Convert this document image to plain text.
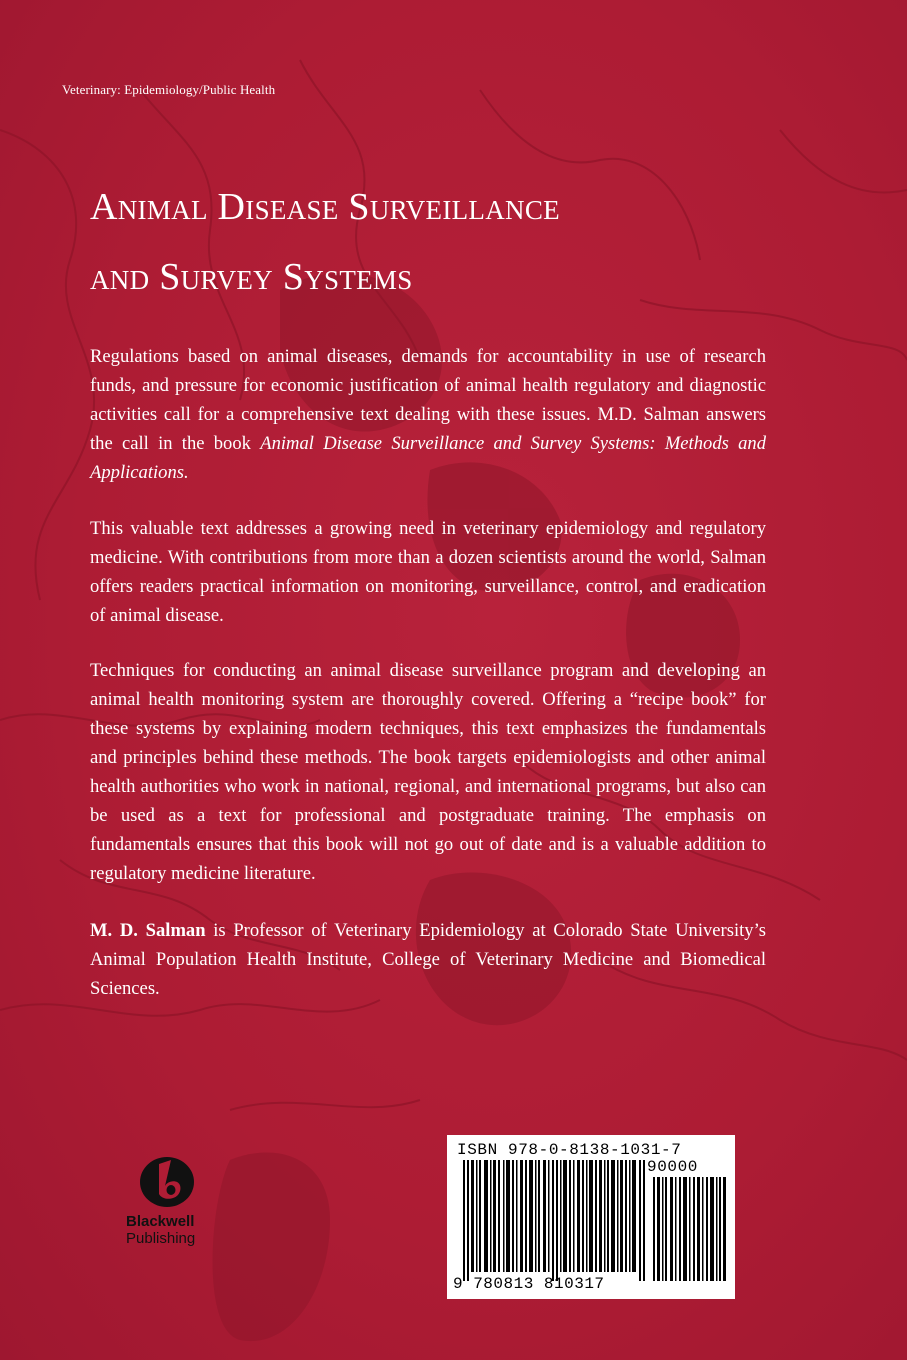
Veterinary: Epidemiology/Public Health
Animal Disease Surveillance
and Survey Systems

Regulations based on animal diseases, demands for accountability in use of research funds, and pressure for economic justification of animal health regulatory and diagnostic activities call for a comprehensive text dealing with these issues. M.D. Salman answers the call in the book Animal Disease Surveillance and Survey Systems: Methods and Applications.

This valuable text addresses a growing need in veterinary epidemiology and regulatory medicine. With contributions from more than a dozen scientists around the world, Salman offers readers practical information on monitoring, surveillance, control, and eradication of animal disease.

Techniques for conducting an animal disease surveillance program and developing an animal health monitoring system are thoroughly covered. Offering a “recipe book” for these systems by explaining modern techniques, this text emphasizes the fundamentals and principles behind these methods. The book targets epidemiologists and other animal health authorities who work in national, regional, and international programs, but also can be used as a text for professional and postgraduate training. The emphasis on fundamentals ensures that this book will not go out of date and is a valuable addition to regulatory medicine literature.

M. D. Salman is Professor of Veterinary Epidemiology at Colorado State University’s Animal Population Health Institute, College of Veterinary Medicine and Biomedical Sciences.

Blackwell
Publishing
ISBN 978-0-8138-1031-7
90000
9 780813 810317
